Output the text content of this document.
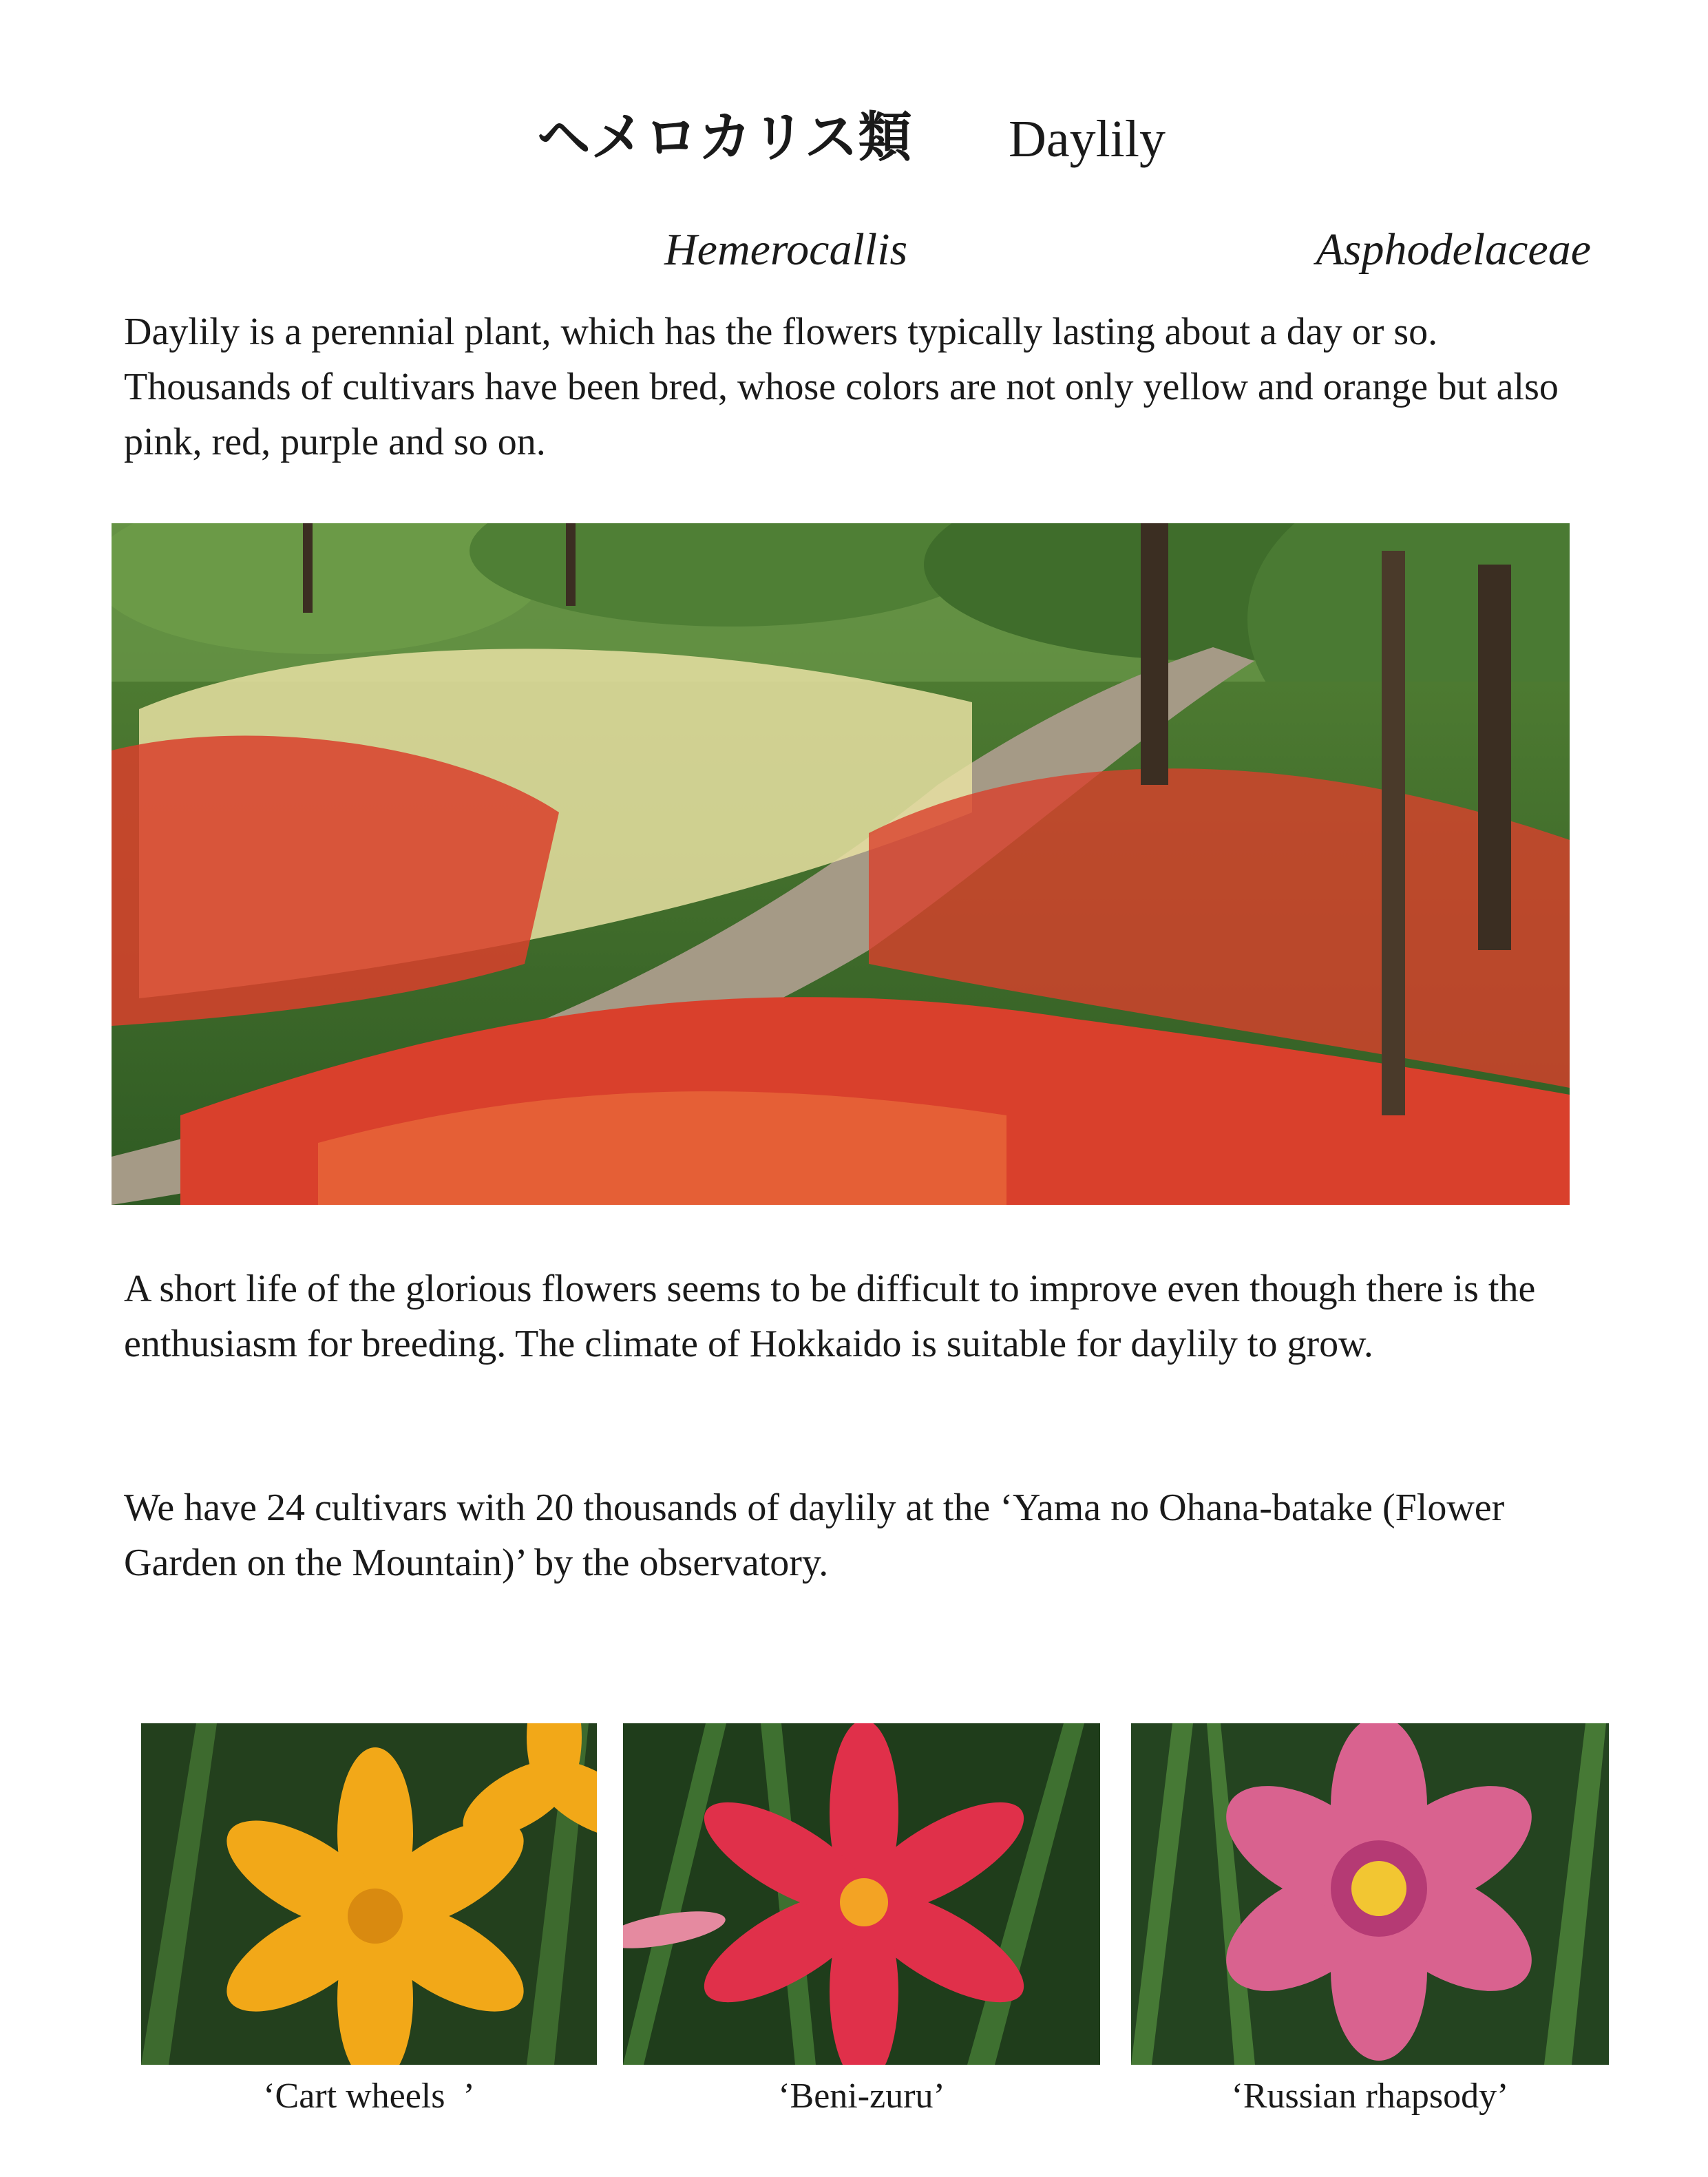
ヘメロカリス類 Daylily
Hemerocallis	Asphodelaceae

Daylily is a perennial plant, which has the flowers typically lasting about a day or so. Thousands of cultivars have been bred, whose colors are not only yellow and orange but also pink, red, purple and so on.

A short life of the glorious flowers seems to be difficult to improve even though there is the enthusiasm for breeding. The climate of Hokkaido is suitable for daylily to grow.

We have 24 cultivars with 20 thousands of daylily at the ‘Yama no Ohana-batake (Flower Garden on the Mountain)’ by the observatory.

‘Cart wheels  ’	‘Beni-zuru’	‘Russian rhapsody’
